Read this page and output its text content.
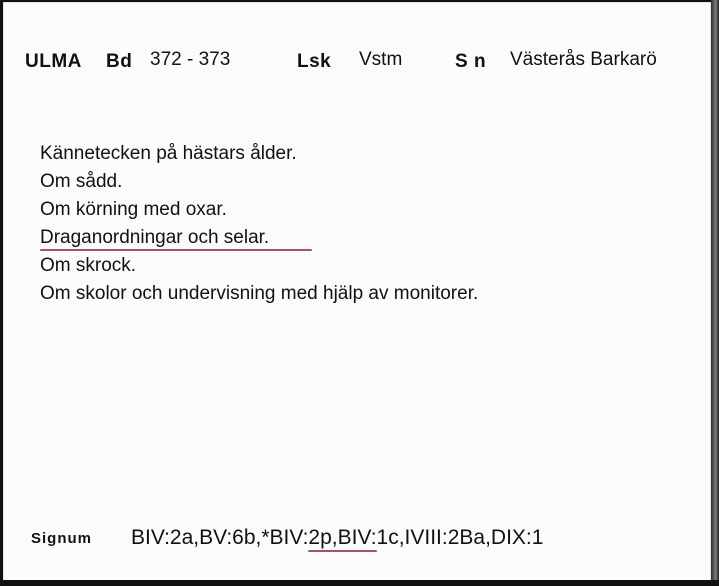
ULMA Bd 372 - 373	Lsk Vstm	S n Västerås Barkarö
Kännetecken på hästars ålder.
Om sådd.
Om körning med oxar.
Draganordningar och selar.
Om skrock.
Om skolor och undervisning med hjälp av monitorer.
Signum BIV:2a,BV:6b,*BIV:2p,BIV:1c,IVIII:2Ba,DIX:1
